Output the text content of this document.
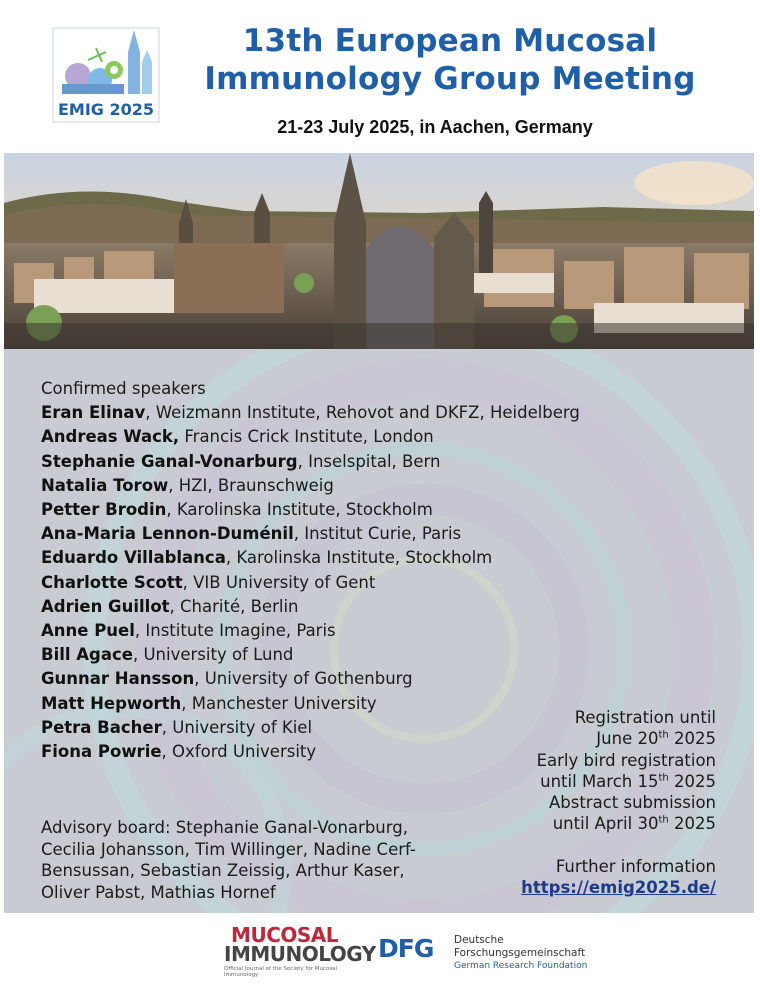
EMIG 2025
13th European Mucosal
Immunology Group Meeting
21-23 July 2025, in Aachen, Germany
Confirmed speakers
Eran Elinav, Weizmann Institute, Rehovot and DKFZ, Heidelberg
Andreas Wack, Francis Crick Institute, London
Stephanie Ganal-Vonarburg, Inselspital, Bern
Natalia Torow, HZI, Braunschweig
Petter Brodin, Karolinska Institute, Stockholm
Ana-Maria Lennon-Duménil, Institut Curie, Paris
Eduardo Villablanca, Karolinska Institute, Stockholm
Charlotte Scott, VIB University of Gent
Adrien Guillot, Charité, Berlin
Anne Puel, Institute Imagine, Paris
Bill Agace, University of Lund
Gunnar Hansson, University of Gothenburg
Matt Hepworth, Manchester University
Petra Bacher, University of Kiel
Fiona Powrie, Oxford University
Advisory board: Stephanie Ganal-Vonarburg,
Cecilia Johansson, Tim Willinger, Nadine Cerf-
Bensussan, Sebastian Zeissig, Arthur Kaser,
Oliver Pabst, Mathias Hornef
Registration until
June 20th 2025
Early bird registration
until March 15th 2025
Abstract submission
until April 30th 2025
Further information
https://emig2025.de/
MUCOSAL
IMMUNOLOGY
Official Journal of the Society for Mucosal Immunology
DFG Deutsche
Forschungsgemeinschaft
German Research Foundation
